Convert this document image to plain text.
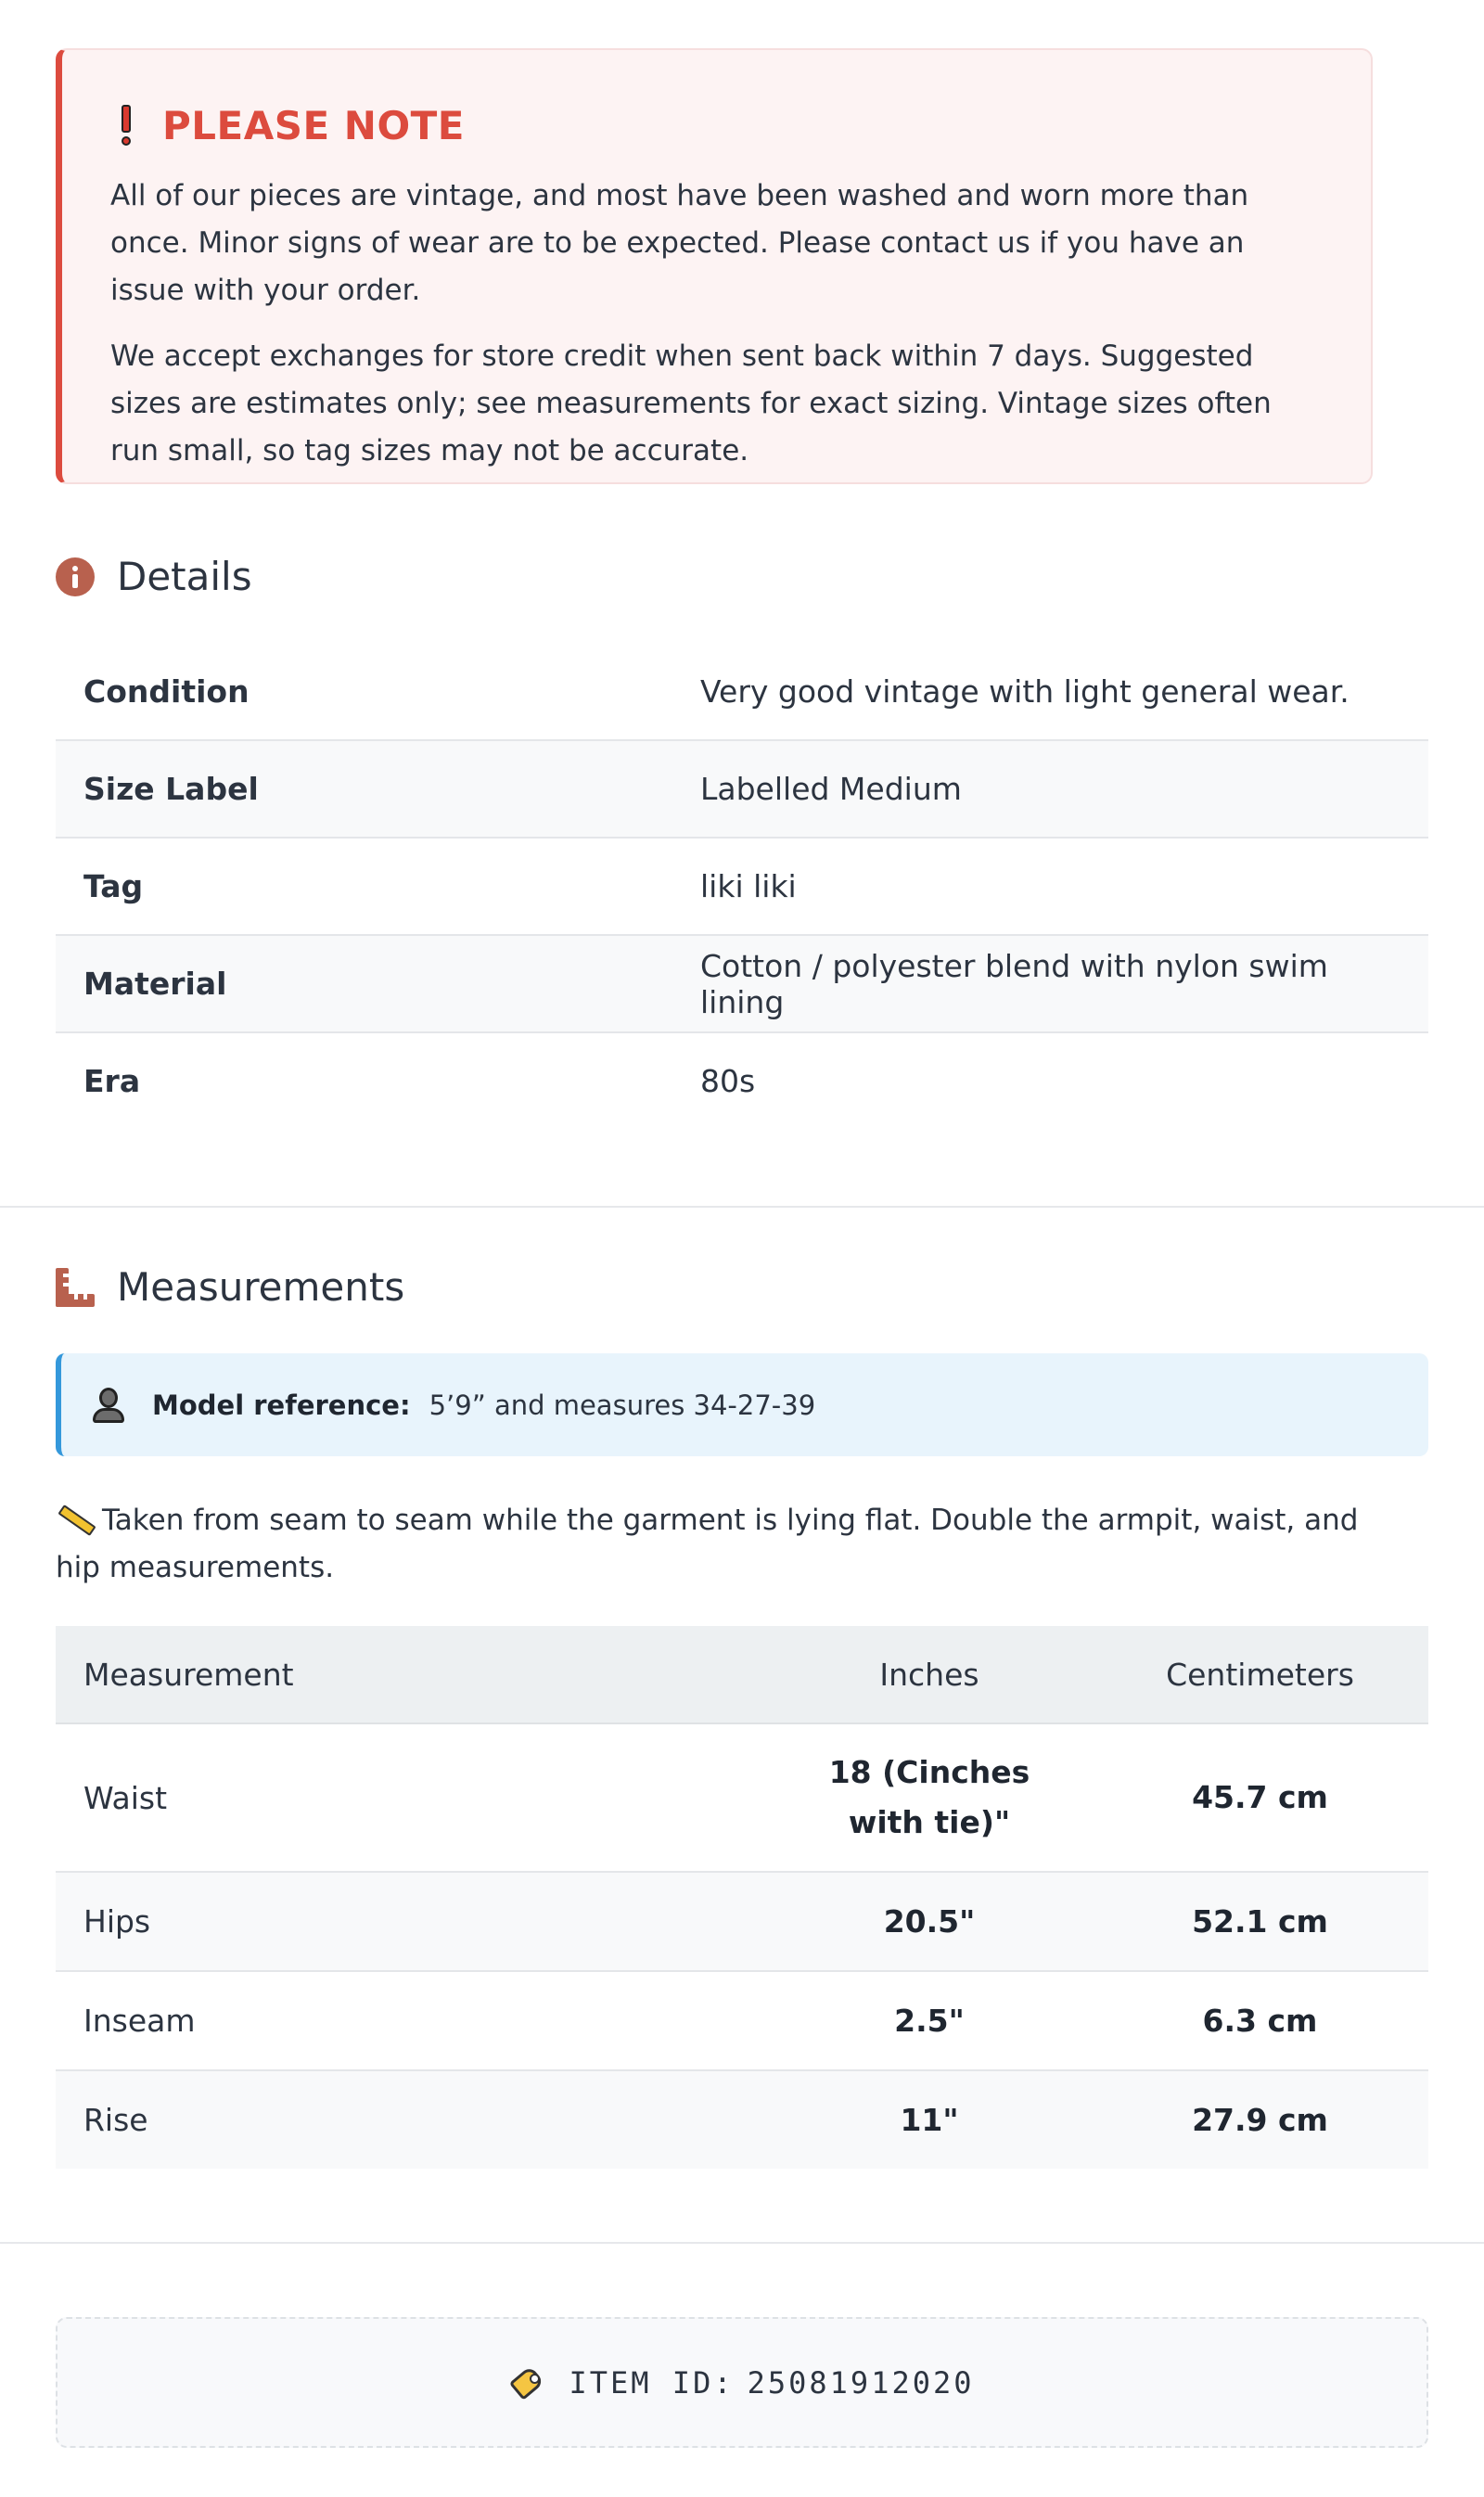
PLEASE NOTE

All of our pieces are vintage, and most have been washed and worn more than once. Minor signs of wear are to be expected. Please contact us if you have an issue with your order.

We accept exchanges for store credit when sent back within 7 days. Suggested sizes are estimates only; see measurements for exact sizing. Vintage sizes often run small, so tag sizes may not be accurate.

Details
Condition	Very good vintage with light general wear.
Size Label	Labelled Medium
Tag	liki liki
Material	Cotton / polyester blend with nylon swim lining
Era	80s
Measurements
Model reference: 5’9” and measures 34-27-39
Taken from seam to seam while the garment is lying flat. Double the armpit, waist, and hip measurements.
Measurement	Inches	Centimeters
Waist	18 (Cinches with tie)"	45.7 cm
Hips	20.5"	52.1 cm
Inseam	2.5"	6.3 cm
Rise	11"	27.9 cm
ITEM ID: 25081912020
